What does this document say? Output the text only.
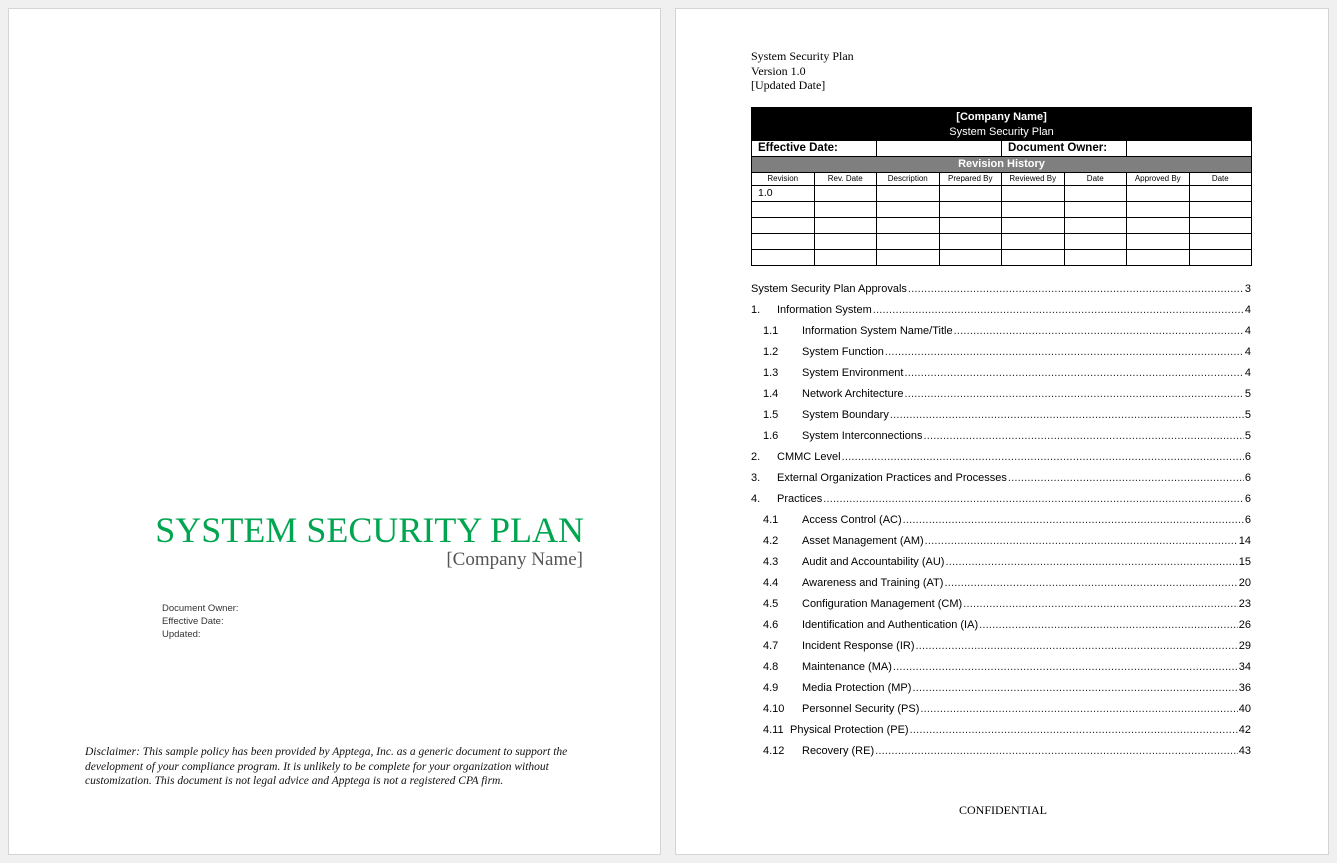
SYSTEM SECURITY PLAN
[Company Name]
Document Owner:
Effective Date:
Updated:
Disclaimer: This sample policy has been provided by Apptega, Inc. as a generic document to support the development of your compliance program. It is unlikely to be complete for your organization without customization. This document is not legal advice and Apptega is not a registered CPA firm.
System Security Plan
Version 1.0
[Updated Date]
[Company Name]
System Security Plan							

Effective Date:				Document Owner:			
Revision History							
Revision	Rev. Date	Description	Prepared By	Reviewed By	Date	Approved By	Date
1.0							

System Security Plan Approvals .....	3
1.	Information System .....	4
1.1	Information System Name/Title .....	4
1.2	System Function .....	4
1.3	System Environment .....	4
1.4	Network Architecture .....	5
1.5	System Boundary .....	5
1.6	System Interconnections .....	5
2.	CMMC Level .....	6
3.	External Organization Practices and Processes .....	6
4.	Practices .....	6
4.1	Access Control (AC) .....	6
4.2	Asset Management (AM) .....	14
4.3	Audit and Accountability (AU) .....	15
4.4	Awareness and Training (AT) .....	20
4.5	Configuration Management (CM) .....	23
4.6	Identification and Authentication (IA) .....	26
4.7	Incident Response (IR) .....	29
4.8	Maintenance (MA) .....	34
4.9	Media Protection (MP) .....	36
4.10	Personnel Security (PS) .....	40
4.11 Physical Protection (PE) .....	42
4.12	Recovery (RE) .....	43
CONFIDENTIAL
